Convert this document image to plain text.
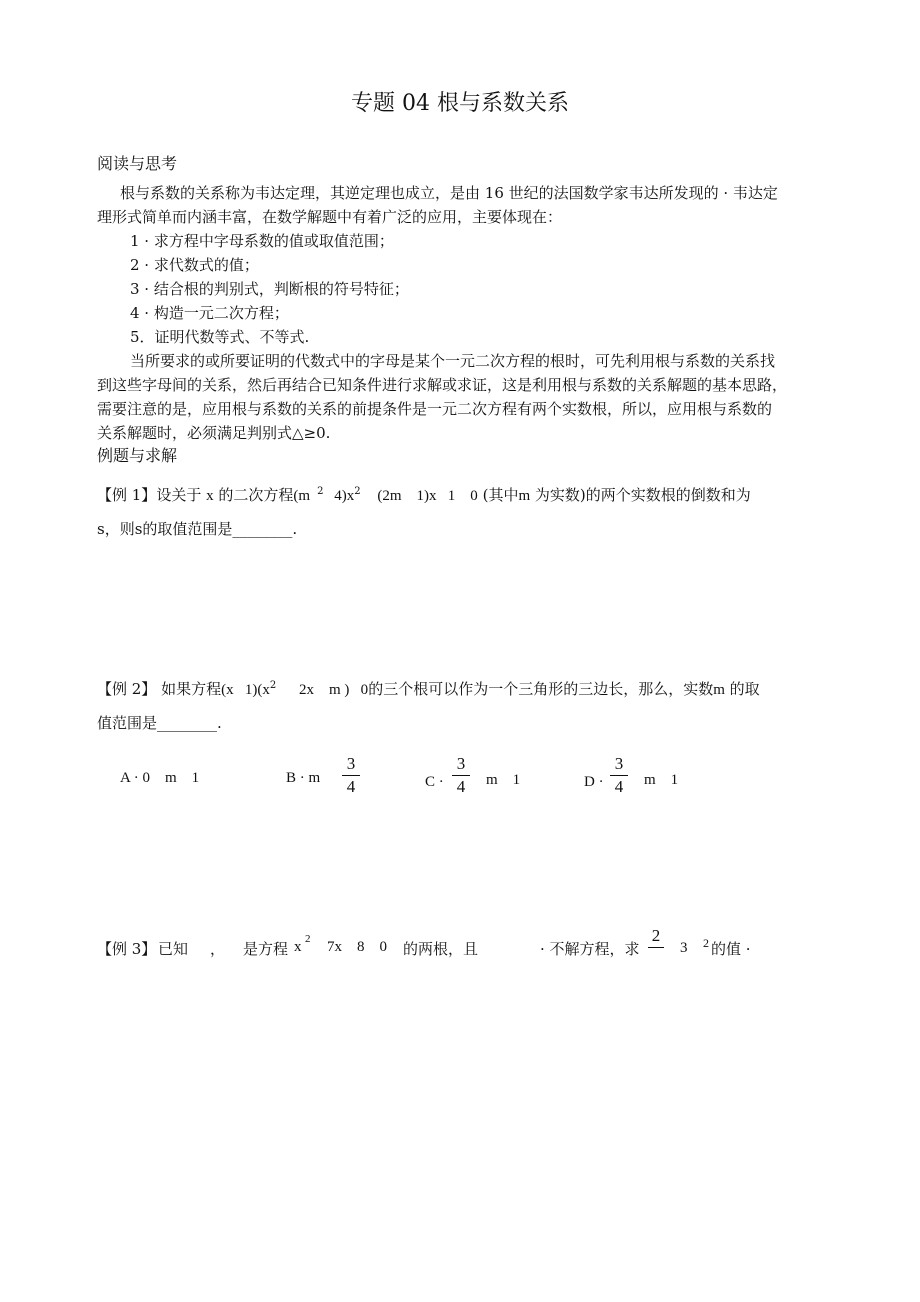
专题 04 根与系数关系
阅读与思考
根与系数的关系称为韦达定理，其逆定理也成立，是由 16 世纪的法国数学家韦达所发现的 · 韦达定
理形式简单而内涵丰富，在数学解题中有着广泛的应用，主要体现在：
1 · 求方程中字母系数的值或取值范围；
2 · 求代数式的值；
3 · 结合根的判别式，判断根的符号特征；
4 · 构造一元二次方程；
5．证明代数等式、不等式.
当所要求的或所要证明的代数式中的字母是某个一元二次方程的根时，可先利用根与系数的关系找
到这些字母间的关系，然后再结合已知条件进行求解或求证，这是利用根与系数的关系解题的基本思路，
需要注意的是，应用根与系数的关系的前提条件是一元二次方程有两个实数根，所以，应用根与系数的
关系解题时，必须满足判别式△≥0.
例题与求解
【例 1】设关于 x 的二次方程(m $^2$ $4)x^2$ (2m    1)x   1    0 (其中m 为实数)的两个实数根的倒数和为
s，则s的取值范围是________.
【例 2】 如果方程(x   $1)(x^2$ 2x    m )   0的三个根可以作为一个三角形的三边长，那么，实数m 的取
值范围是________.
A · 0    m    1	B · m
3
4	C ·
3
4	m    1	D ·
3
4	m    1
【例 3】 已知 ， 是方程 x 2 7x    8    0 的两根，且	· 不解方程，求
2

3 2 的值 ·
